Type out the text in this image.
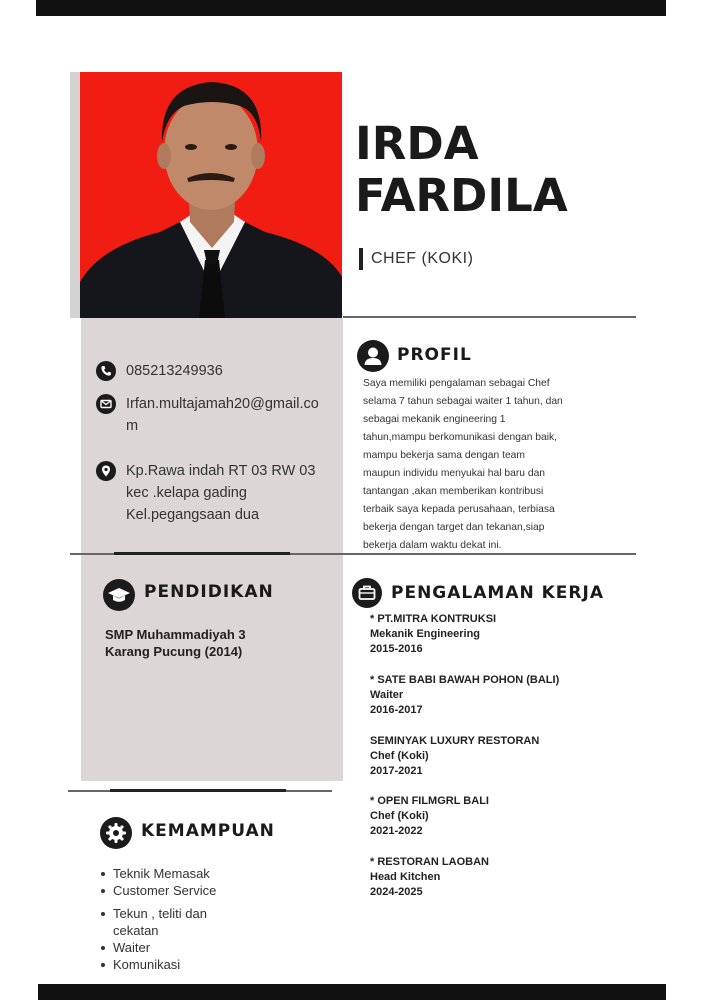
IRDA
FARDILA
CHEF (KOKI)
085213249936
Irfan.multajamah20@gmail.co
m
Kp.Rawa indah RT 03 RW 03
kec .kelapa gading
Kel.pegangsaan dua
PROFIL
Saya memiliki pengalaman sebagai Chef
selama 7 tahun sebagai waiter 1 tahun, dan
sebagai mekanik engineering 1
tahun,mampu berkomunikasi dengan baik,
mampu bekerja sama dengan team
maupun individu menyukai hal baru dan
tantangan ,akan memberikan kontribusi
terbaik saya kepada perusahaan, terbiasa
bekerja dengan target dan tekanan,siap
bekerja dalam waktu dekat ini.
PENDIDIKAN
SMP Muhammadiyah 3
Karang Pucung (2014)
PENGALAMAN KERJA
* PT.MITRA KONTRUKSI
Mekanik Engineering
2015-2016
* SATE BABI BAWAH POHON (BALI)
Waiter
2016-2017
SEMINYAK LUXURY RESTORAN
Chef (Koki)
2017-2021
* OPEN FILMGRL BALI
Chef (Koki)
2021-2022
* RESTORAN LAOBAN
Head Kitchen
2024-2025
KEMAMPUAN
Teknik Memasak
Customer Service
Tekun , teliti dan
cekatan
Waiter
Komunikasi
